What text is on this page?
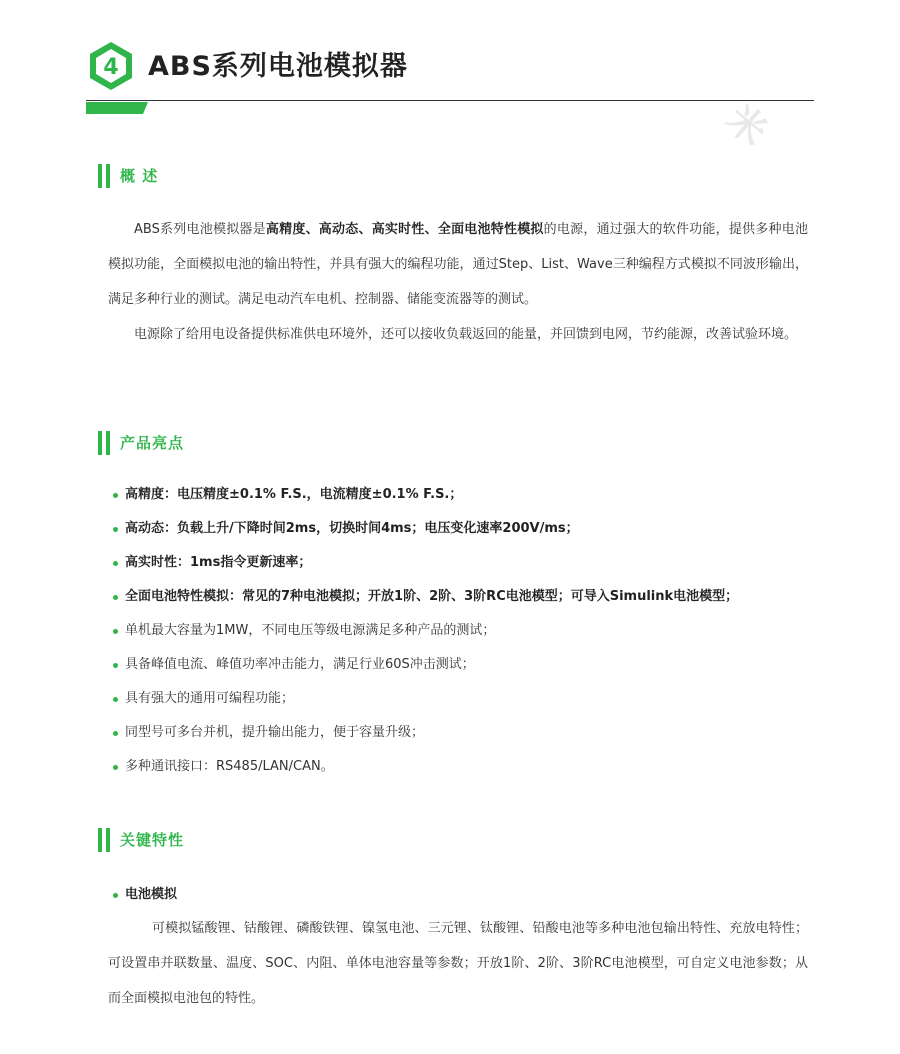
4 ABS系列电池模拟器
米
概 述

ABS系列电池模拟器是高精度、高动态、高实时性、全面电池特性模拟的电源，通过强大的软件功能，提供多种电池模拟功能，全面模拟电池的输出特性，并具有强大的编程功能，通过Step、List、Wave三种编程方式模拟不同波形输出，满足多种行业的测试。满足电动汽车电机、控制器、储能变流器等的测试。

电源除了给用电设备提供标准供电环境外，还可以接收负载返回的能量，并回馈到电网，节约能源，改善试验环境。

产品亮点
高精度：电压精度±0.1% F.S.，电流精度±0.1% F.S.；
高动态：负载上升/下降时间2ms，切换时间4ms；电压变化速率200V/ms；
高实时性：1ms指令更新速率；
全面电池特性模拟：常见的7种电池模拟；开放1阶、2阶、3阶RC电池模型；可导入Simulink电池模型；
单机最大容量为1MW，不同电压等级电源满足多种产品的测试；
具备峰值电流、峰值功率冲击能力，满足行业60S冲击测试；
具有强大的通用可编程功能；
同型号可多台并机，提升输出能力，便于容量升级；
多种通讯接口：RS485/LAN/CAN。
关键特性
电池模拟

可模拟锰酸锂、钴酸锂、磷酸铁锂、镍氢电池、三元锂、钛酸锂、铅酸电池等多种电池包输出特性、充放电特性；可设置串并联数量、温度、SOC、内阻、单体电池容量等参数；开放1阶、2阶、3阶RC电池模型，可自定义电池参数；从而全面模拟电池包的特性。
